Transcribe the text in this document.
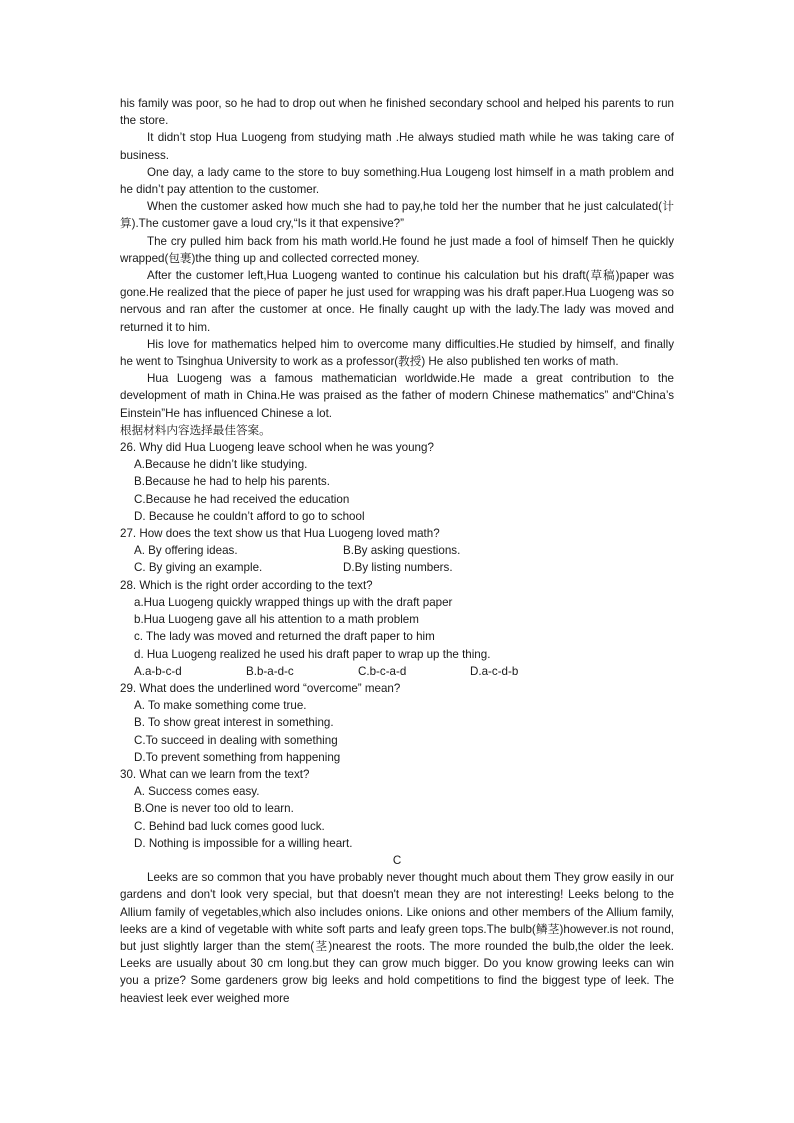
his family was poor, so he had to drop out when he finished secondary school and helped his parents to run the store.

It didn’t stop Hua Luogeng from studying math .He always studied math while he was taking care of business.

One day, a lady came to the store to buy something.Hua Lougeng lost himself in a math problem and he didn’t pay attention to the customer.

When the customer asked how much she had to pay,he told her the number that he just calculated(计算).The customer gave a loud cry,“Is it that expensive?”

The cry pulled him back from his math world.He found he just made a fool of himself Then he quickly wrapped(包裹)the thing up and collected corrected money.

After the customer left,Hua Luogeng wanted to continue his calculation but his draft(草稿)paper was gone.He realized that the piece of paper he just used for wrapping was his draft paper.Hua Luogeng was so nervous and ran after the customer at once. He finally caught up with the lady.The lady was moved and returned it to him.

His love for mathematics helped him to overcome many difficulties.He studied by himself, and finally he went to Tsinghua University to work as a professor(教授) He also published ten works of math.

Hua Luogeng was a famous mathematician worldwide.He made a great contribution to the development of math in China.He was praised as the father of modern Chinese mathematics” and“China’s Einstein”He has influenced Chinese a lot.

根据材料内容选择最佳答案。

26. Why did Hua Luogeng leave school when he was young?

A.Because he didn’t like studying.

B.Because he had to help his parents.

C.Because he had received the education

D. Because he couldn’t afford to go to school

27. How does the text show us that Hua Luogeng loved math?

A. By offering ideas.	B.By asking questions.
C. By giving an example.	D.By listing numbers.

28. Which is the right order according to the text?

a.Hua Luogeng quickly wrapped things up with the draft paper

b.Hua Luogeng gave all his attention to a math problem

c. The lady was moved and returned the draft paper to him

d. Hua Luogeng realized he used his draft paper to wrap up the thing.

A.a-b-c-d	B.b-a-d-c	C.b-c-a-d	D.a-c-d-b

29. What does the underlined word “overcome” mean?

A. To make something come true.

B. To show great interest in something.

C.To succeed in dealing with something

D.To prevent something from happening

30. What can we learn from the text?

A. Success comes easy.

B.One is never too old to learn.

C. Behind bad luck comes good luck.

D. Nothing is impossible for a willing heart.

C

Leeks are so common that you have probably never thought much about them They grow easily in our gardens and don't look very special, but that doesn't mean they are not interesting! Leeks belong to the Allium family of vegetables,which also includes onions. Like onions and other members of the Allium family, leeks are a kind of vegetable with white soft parts and leafy green tops.The bulb(鳞茎)however.is not round, but just slightly larger than the stem(茎)nearest the roots. The more rounded the bulb,the older the leek. Leeks are usually about 30 cm long.but they can grow much bigger. Do you know growing leeks can win you a prize? Some gardeners grow big leeks and hold competitions to find the biggest type of leek. The heaviest leek ever weighed more
